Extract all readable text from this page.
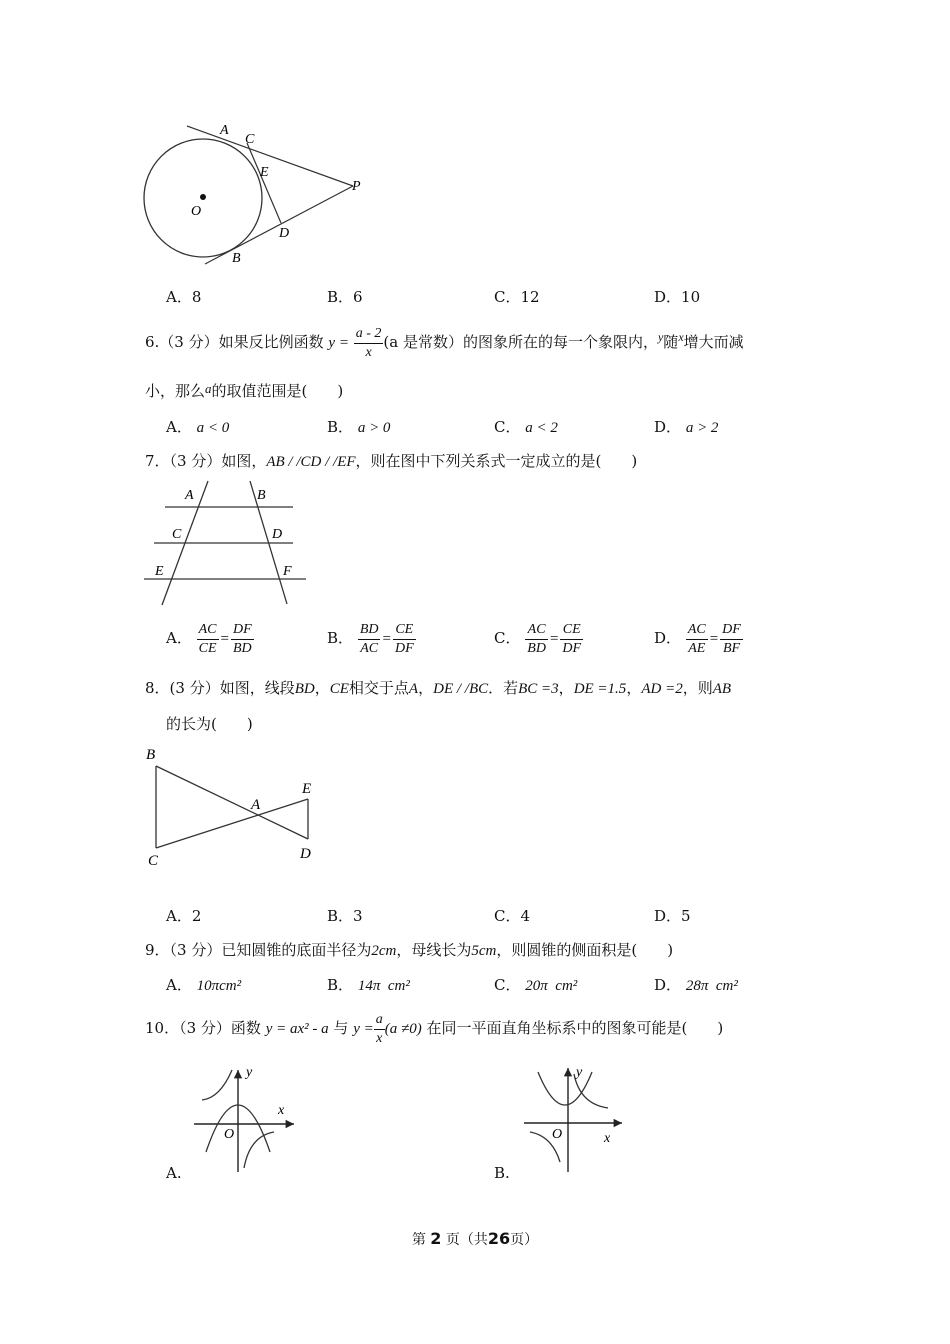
A
C
E
P
O
D
B
A．8	B．6	C．12	D．10
6.（3 分）如果反比例函数 $y = \frac{a - 2}{x} (a$ 是常数）的图象所在的每一个象限内，$^y$随$^x$增大而减
小，那么a的取值范围是(　　)
A． a < 0	B． a > 0	C． a < 2	D． a > 2
7．（3 分）如图，AB / /CD / /EF，则在图中下列关系式一定成立的是(　　)
A	B
C	D
E	F
A． $\frac{AC}{CE} = \frac{DF}{BD}$	B． $\frac{BD}{AC} = \frac{CE}{DF}$	C． $\frac{AC}{BD} = \frac{CE}{DF}$	D． $\frac{AC}{AE} = \frac{DF}{BF}$
8．(3 分）如图，线段BD，CE相交于点A，DE / /BC．若BC =3，DE =1.5，AD =2，则AB
的长为(　　)
B
C
A
E
D
A．2	B．3	C．4	D．5
9．（3 分）已知圆锥的底面半径为2cm，母线长为5cm，则圆锥的侧面积是(　　)
A． 10πcm²	B． 14π  cm²	C． 20π  cm²	D． 28π  cm²
10．（3 分）函数 y = ax² - a 与 $y = \frac{a}{x} (a \ne 0)$ 在同一平面直角坐标系中的图象可能是(　　)
y
x
O
A.
y
x
O
B.
第 2 页（共26页）
